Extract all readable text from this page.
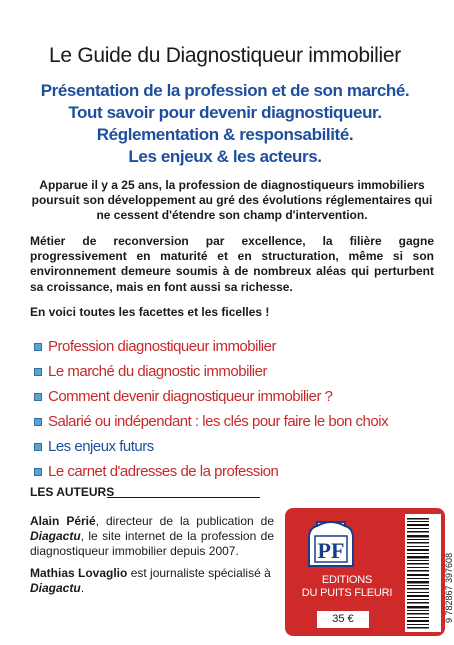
Le Guide du Diagnostiqueur immobilier
Présentation de la profession et de son marché.
Tout savoir pour devenir diagnostiqueur.
Réglementation & responsabilité.
Les enjeux & les acteurs.
Apparue il y a 25 ans, la profession de diagnostiqueurs immobiliers poursuit son développement au gré des évolutions réglementaires qui ne cessent d'étendre son champ d'intervention.
Métier de reconversion par excellence, la filière gagne progressivement en maturité et en structuration, même si son environnement demeure soumis à de nombreux aléas qui perturbent sa croissance, mais en font aussi sa richesse.
En voici toutes les facettes et les ficelles !
Profession diagnostiqueur immobilier
Le marché du diagnostic immobilier
Comment devenir diagnostiqueur immobilier ?
Salarié ou indépendant : les clés pour faire le bon choix
Les enjeux futurs
Le carnet d'adresses de la profession
LES AUTEURS
Alain Périé, directeur de la publication de Diagactu, le site internet de la profession de diagnostiqueur immobilier depuis 2007.
Mathias Lovaglio est journaliste spécialisé à Diagactu.
PF
EDITIONS
DU PUITS FLEURI
35 €	9 782867 397608
